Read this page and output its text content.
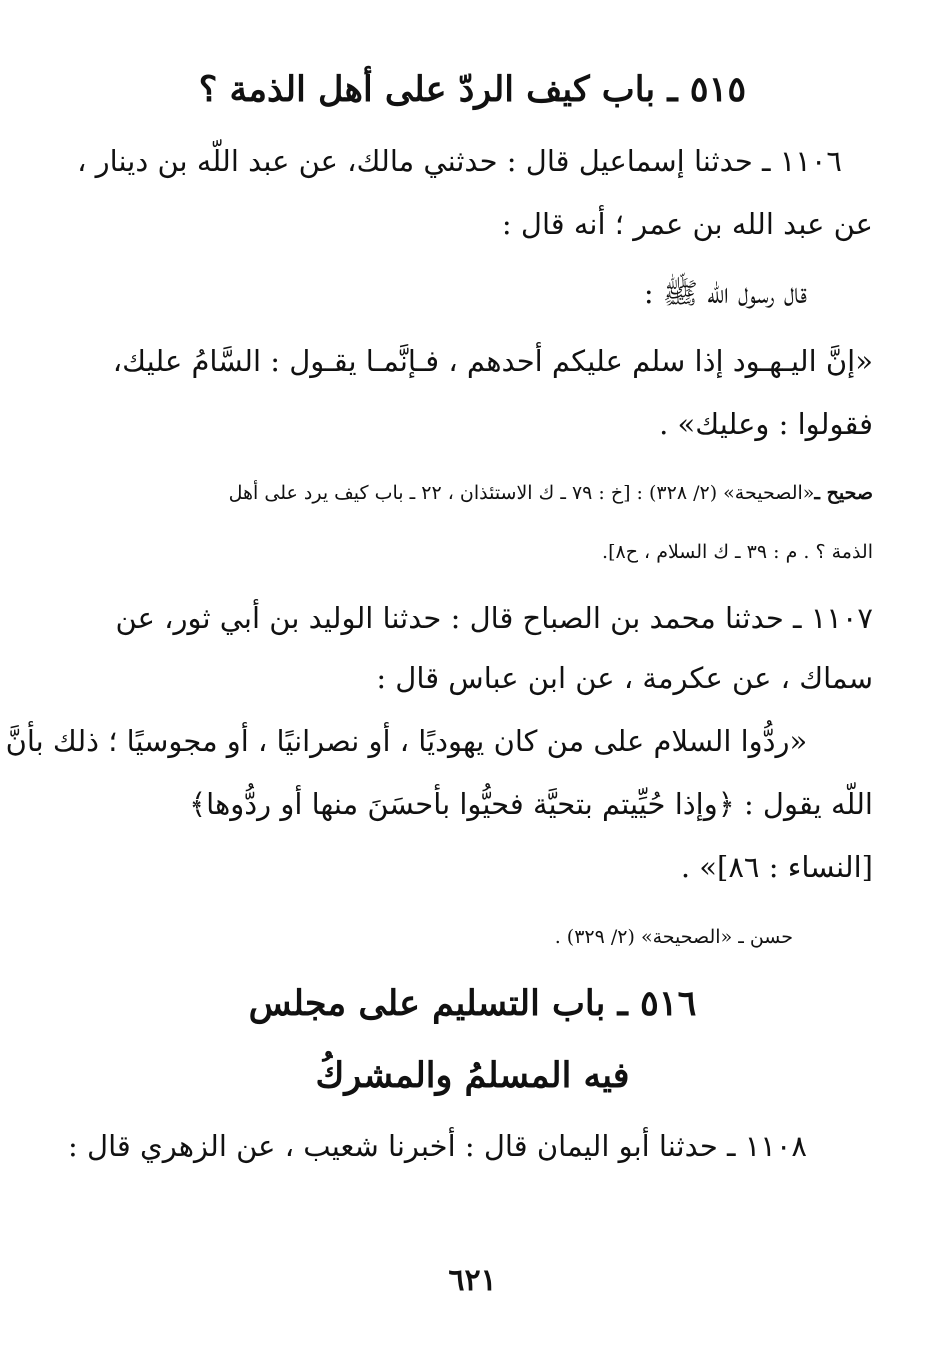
٥١٥ ـ باب كيف الردّ على أهل الذمة ؟
١١٠٦ ـ حدثنا إسماعيل قال : حدثني مالك، عن عبد اللّه بن دينار ،
عن عبد الله بن عمر ؛ أنه قال :
قال رسول اللّه ﷺ :
«إنَّ اليـهـود إذا سلم عليكم أحدهم ، فـإنَّمـا يقـول : السَّامُ عليك،
فقولوا : وعليك» .
صحيح ـ«الصحيحة» (٢/ ٣٢٨) : [خ : ٧٩ ـ ك الاستئذان ، ٢٢ ـ باب كيف يرد على أهل
الذمة ؟ . م : ٣٩ ـ ك السلام ، ح٨].
١١٠٧ ـ حدثنا محمد بن الصباح قال : حدثنا الوليد بن أبي ثور، عن
سماك ، عن عكرمة ، عن ابن عباس قال :
«ردُّوا السلام على من كان يهوديًا ، أو نصرانيًا ، أو مجوسيًا ؛ ذلك بأنَّ
اللّه يقول : ﴿وإذا حُيِّيتم بتحيَّة فحيُّوا بأحسَنَ منها أو ردُّوها﴾
[النساء : ٨٦]» .
حسن ـ «الصحيحة» (٢/ ٣٢٩) .
٥١٦ ـ باب التسليم على مجلس
فيه المسلمُ والمشركُ
١١٠٨ ـ حدثنا أبو اليمان قال : أخبرنا شعيب ، عن الزهري قال :
٦٢١
